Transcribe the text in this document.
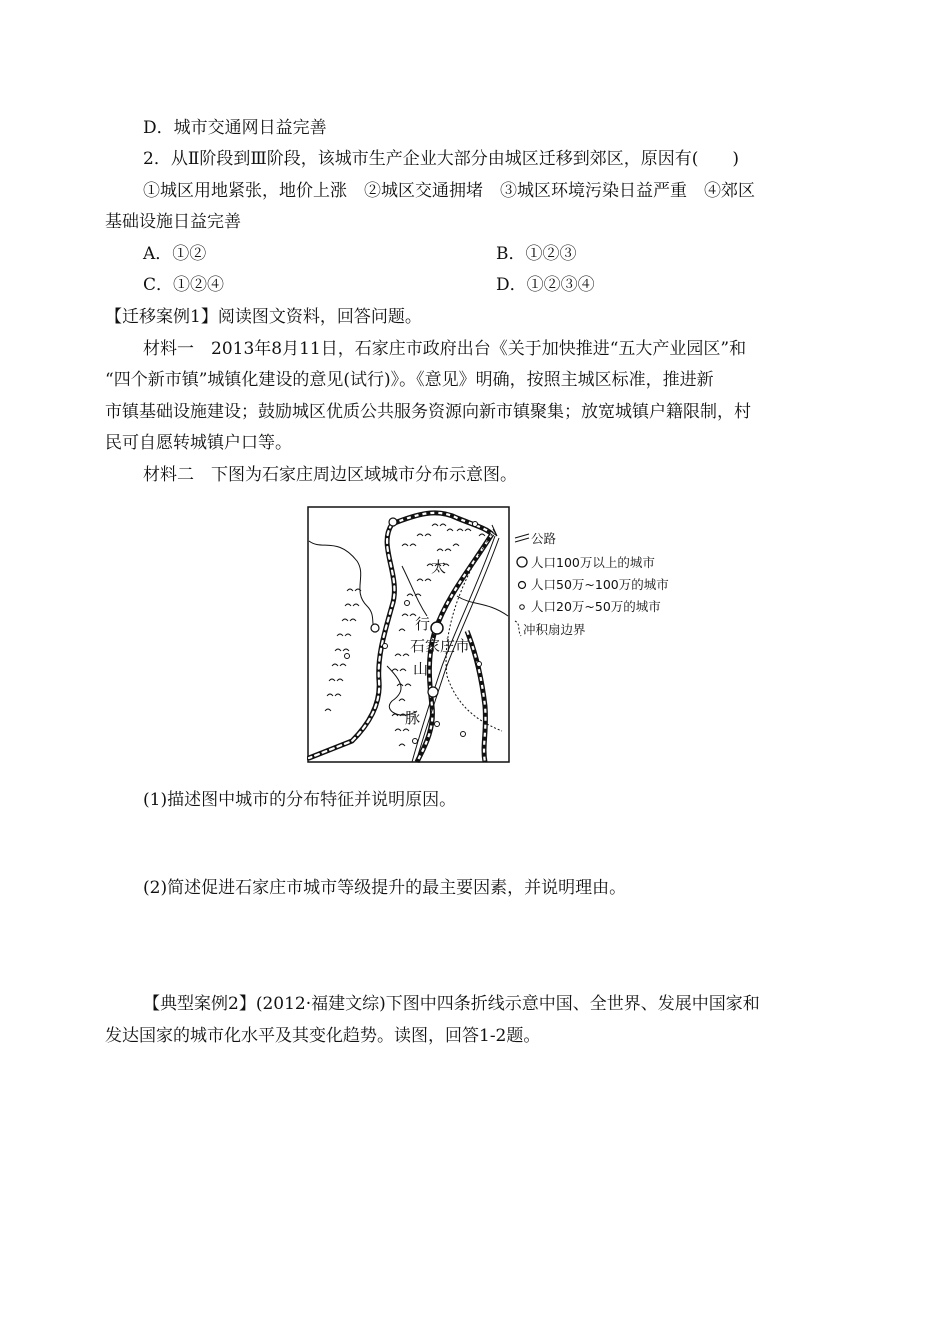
D．城市交通网日益完善
2．从Ⅱ阶段到Ⅲ阶段，该城市生产企业大部分由城区迁移到郊区，原因有(　　)
①城区用地紧张，地价上涨　②城区交通拥堵　③城区环境污染日益严重　④郊区
基础设施日益完善
A．①②	B．①②③
C．①②④	D．①②③④
【迁移案例1】阅读图文资料，回答问题。
材料一　2013年8月11日，石家庄市政府出台《关于加快推进“五大产业园区”和
“四个新市镇”城镇化建设的意见(试行)》。《意见》明确，按照主城区标准，推进新
市镇基础设施建设；鼓励城区优质公共服务资源向新市镇聚集；放宽城镇户籍限制，村
民可自愿转城镇户口等。
材料二　下图为石家庄周边区域城市分布示意图。
太
行
石家庄市
山
脉
公路
人口100万以上的城市
人口50万~100万的城市
人口20万~50万的城市
冲积扇边界
(1)描述图中城市的分布特征并说明原因。
(2)简述促进石家庄市城市等级提升的最主要因素，并说明理由。
【典型案例2】(2012·福建文综)下图中四条折线示意中国、全世界、发展中国家和
发达国家的城市化水平及其变化趋势。读图，回答1-2题。
